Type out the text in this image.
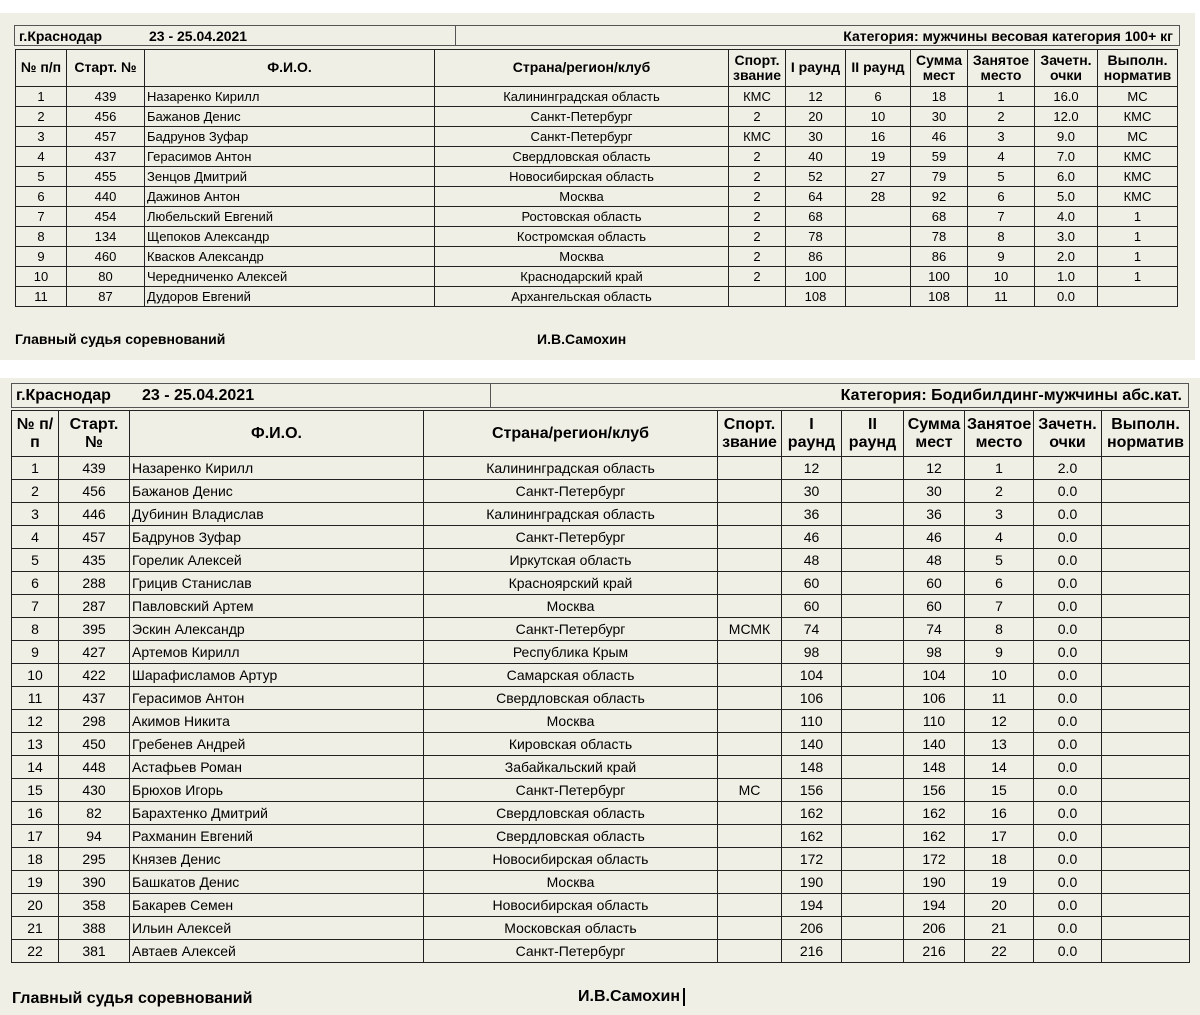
г.Краснодар	23 - 25.04.2021	Категория: мужчины весовая категория 100+ кг
№ п/п	Старт. №	Ф.И.О.	Страна/регион/клуб	Спорт. звание	I раунд	II раунд	Сумма мест	Занятое место	Зачетн. очки	Выполн. норматив
1	439	Назаренко Кирилл	Калининградская область	КМС	12	6	18	1	16.0	МС
2	456	Бажанов Денис	Санкт-Петербург	2	20	10	30	2	12.0	КМС
3	457	Бадрунов Зуфар	Санкт-Петербург	КМС	30	16	46	3	9.0	МС
4	437	Герасимов Антон	Свердловская область	2	40	19	59	4	7.0	КМС
5	455	Зенцов Дмитрий	Новосибирская область	2	52	27	79	5	6.0	КМС
6	440	Дажинов Антон	Москва	2	64	28	92	6	5.0	КМС
7	454	Любельский Евгений	Ростовская область	2	68		68	7	4.0	1
8	134	Щепоков Александр	Костромская область	2	78		78	8	3.0	1
9	460	Квасков Александр	Москва	2	86		86	9	2.0	1
10	80	Чередниченко Алексей	Краснодарский край	2	100		100	10	1.0	1
11	87	Дудоров Евгений	Архангельская область		108		108	11	0.0	
Главный судья соревнований	И.В.Самохин
г.Краснодар 23 - 25.04.2021	Категория: Бодибилдинг-мужчины абс.кат.
№ п/п	Старт. №	Ф.И.О.	Страна/регион/клуб	Спорт. звание	I раунд	II раунд	Сумма мест	Занятое место	Зачетн. очки	Выполн. норматив
1	439	Назаренко Кирилл	Калининградская область		12		12	1	2.0	
2	456	Бажанов Денис	Санкт-Петербург		30		30	2	0.0	
3	446	Дубинин Владислав	Калининградская область		36		36	3	0.0	
4	457	Бадрунов Зуфар	Санкт-Петербург		46		46	4	0.0	
5	435	Горелик Алексей	Иркутская область		48		48	5	0.0	
6	288	Грицив Станислав	Красноярский край		60		60	6	0.0	
7	287	Павловский Артем	Москва		60		60	7	0.0	
8	395	Эскин Александр	Санкт-Петербург	МСМК	74		74	8	0.0	
9	427	Артемов Кирилл	Республика Крым		98		98	9	0.0	
10	422	Шарафисламов Артур	Самарская область		104		104	10	0.0	
11	437	Герасимов Антон	Свердловская область		106		106	11	0.0	
12	298	Акимов Никита	Москва		110		110	12	0.0	
13	450	Гребенев Андрей	Кировская область		140		140	13	0.0	
14	448	Астафьев Роман	Забайкальский край		148		148	14	0.0	
15	430	Брюхов Игорь	Санкт-Петербург	МС	156		156	15	0.0	
16	82	Барахтенко Дмитрий	Свердловская область		162		162	16	0.0	
17	94	Рахманин Евгений	Свердловская область		162		162	17	0.0	
18	295	Князев Денис	Новосибирская область		172		172	18	0.0	
19	390	Башкатов Денис	Москва		190		190	19	0.0	
20	358	Бакарев Семен	Новосибирская область		194		194	20	0.0	
21	388	Ильин Алексей	Московская область		206		206	21	0.0	
22	381	Автаев Алексей	Санкт-Петербург		216		216	22	0.0	
Главный судья соревнований	И.В.Самохин
